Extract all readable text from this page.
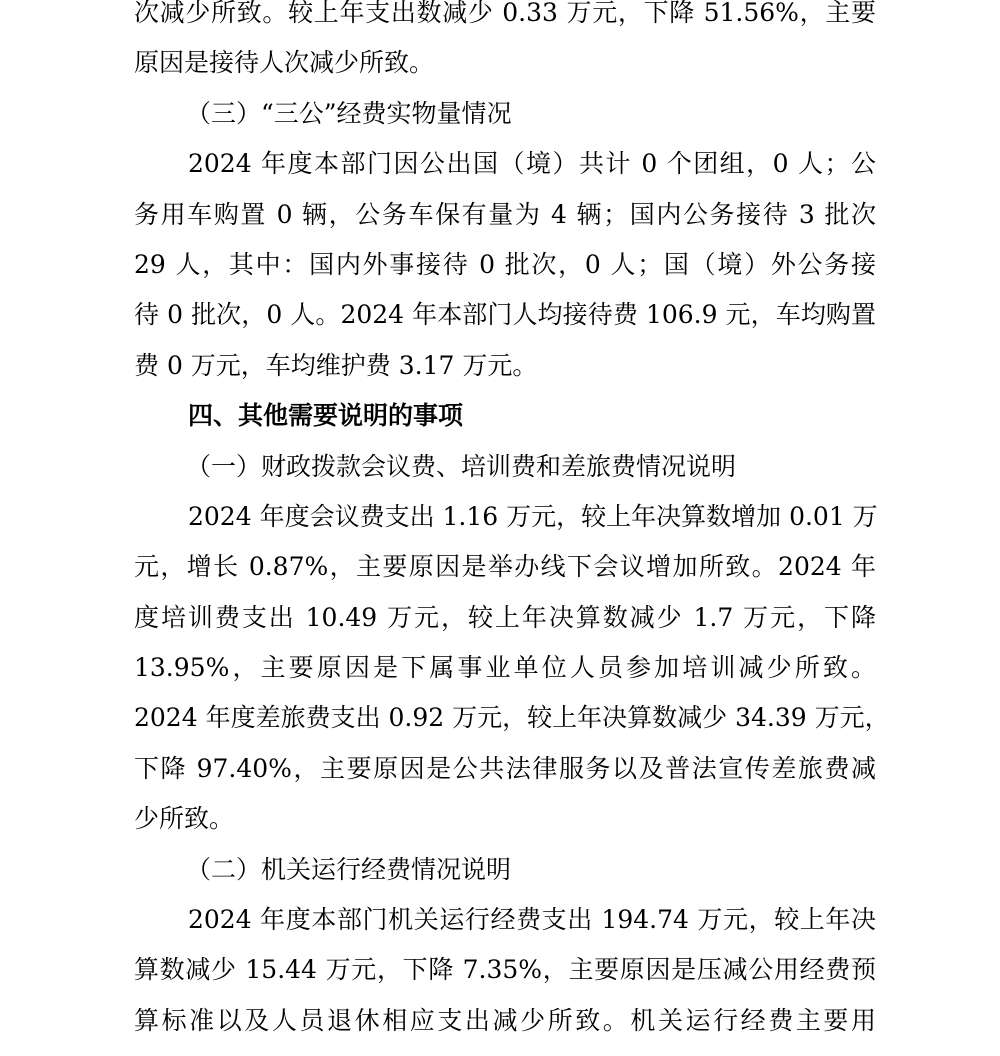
次减少所致。较上年支出数减少 0.33 万元，下降 51.56%，主要
原因是接待人次减少所致。
（三）“三公”经费实物量情况
2024 年度本部门因公出国（境）共计 0 个团组，0 人；公
务用车购置 0 辆，公务车保有量为 4 辆；国内公务接待 3 批次
29 人，其中：国内外事接待 0 批次，0 人；国（境）外公务接
待 0 批次，0 人。2024 年本部门人均接待费 106.9 元，车均购置
费 0 万元，车均维护费 3.17 万元。
四、其他需要说明的事项
（一）财政拨款会议费、培训费和差旅费情况说明
2024 年度会议费支出 1.16 万元，较上年决算数增加 0.01 万
元，增长 0.87%，主要原因是举办线下会议增加所致。2024 年
度培训费支出 10.49 万元，较上年决算数减少 1.7 万元，下降
13.95%，主要原因是下属事业单位人员参加培训减少所致。
2024 年度差旅费支出 0.92 万元，较上年决算数减少 34.39 万元，
下降 97.40%，主要原因是公共法律服务以及普法宣传差旅费减
少所致。
（二）机关运行经费情况说明
2024 年度本部门机关运行经费支出 194.74 万元，较上年决
算数减少 15.44 万元，下降 7.35%，主要原因是压减公用经费预
算标准以及人员退休相应支出减少所致。机关运行经费主要用
